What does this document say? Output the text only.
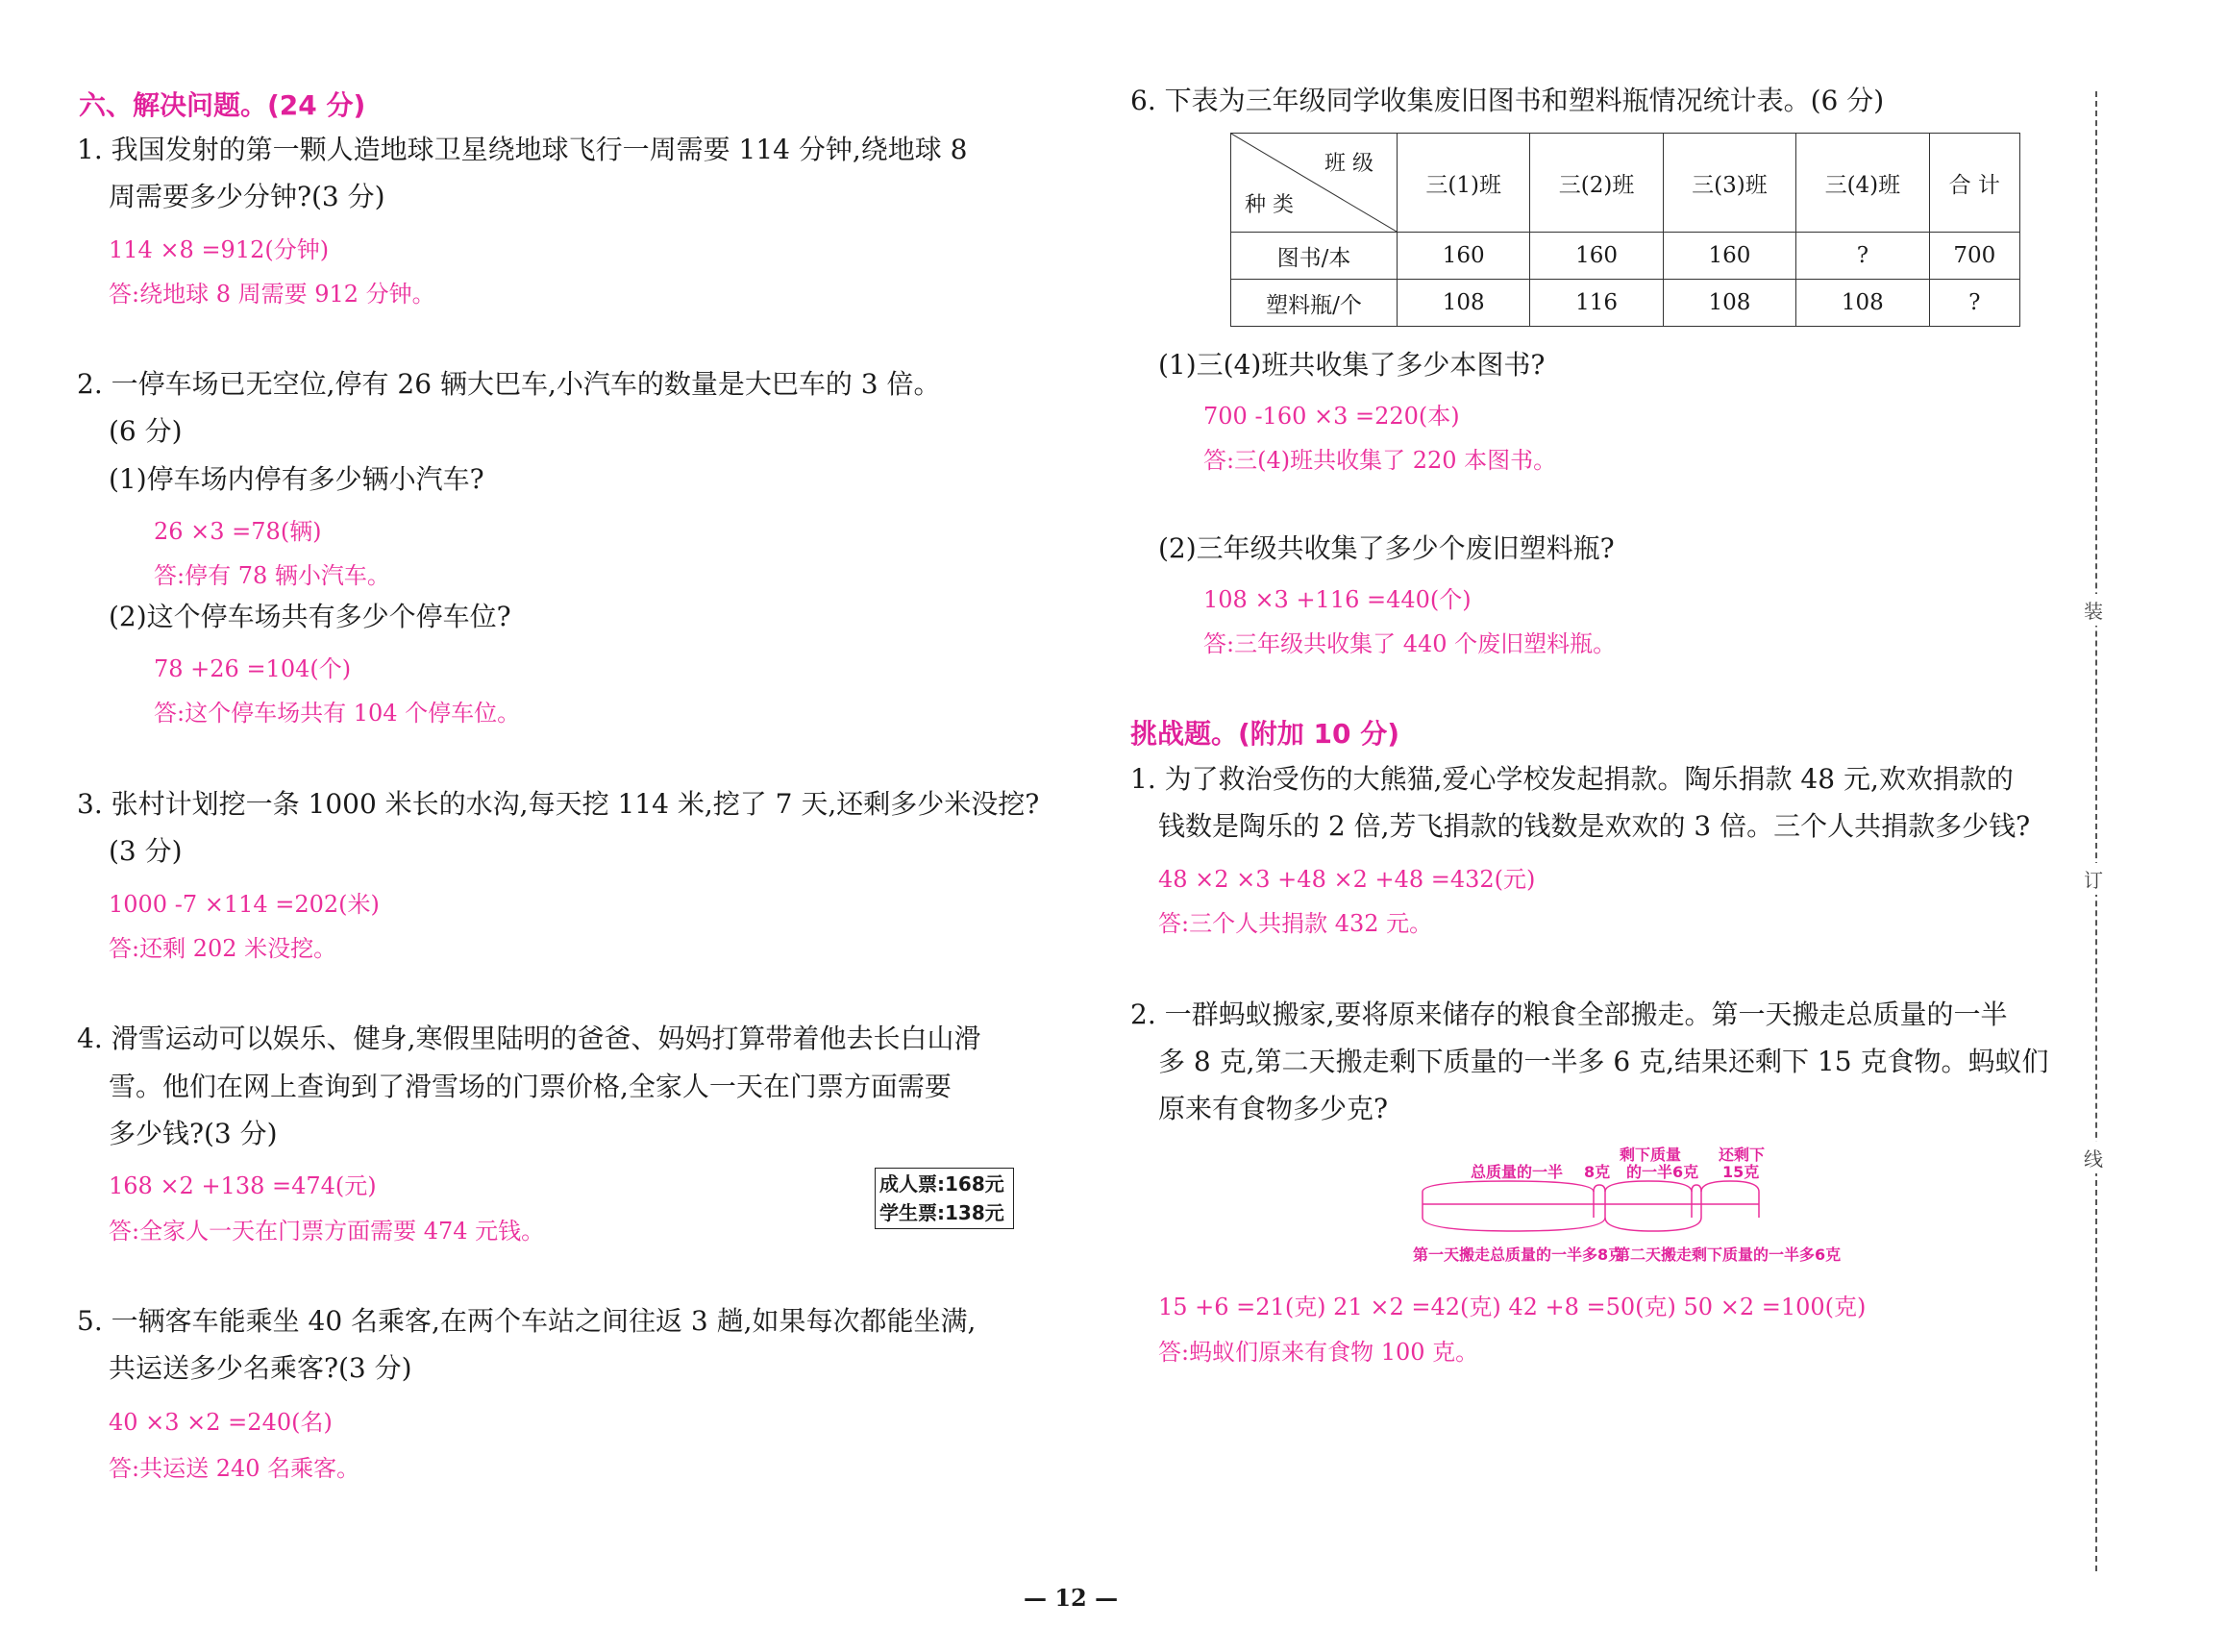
六、解决问题。(24 分)
1. 我国发射的第一颗人造地球卫星绕地球飞行一周需要 114 分钟,绕地球 8
周需要多少分钟?(3 分)
114 ×8 =912(分钟)
答:绕地球 8 周需要 912 分钟。
2. 一停车场已无空位,停有 26 辆大巴车,小汽车的数量是大巴车的 3 倍。
(6 分)
(1)停车场内停有多少辆小汽车?
26 ×3 =78(辆)
答:停有 78 辆小汽车。
(2)这个停车场共有多少个停车位?
78 +26 =104(个)
答:这个停车场共有 104 个停车位。
3. 张村计划挖一条 1000 米长的水沟,每天挖 114 米,挖了 7 天,还剩多少米没挖?
(3 分)
1000 -7 ×114 =202(米)
答:还剩 202 米没挖。
4. 滑雪运动可以娱乐、健身,寒假里陆明的爸爸、妈妈打算带着他去长白山滑
雪。他们在网上查询到了滑雪场的门票价格,全家人一天在门票方面需要
多少钱?(3 分)
168 ×2 +138 =474(元)
答:全家人一天在门票方面需要 474 元钱。
成人票:168元
学生票:138元
5. 一辆客车能乘坐 40 名乘客,在两个车站之间往返 3 趟,如果每次都能坐满,
共运送多少名乘客?(3 分)
40 ×3 ×2 =240(名)
答:共运送 240 名乘客。
6. 下表为三年级同学收集废旧图书和塑料瓶情况统计表。(6 分)
班 级
种 类	三(1)班	三(2)班	三(3)班	三(4)班	合 计
图书/本	160	160	160	?	700
塑料瓶/个	108	116	108	108	?
(1)三(4)班共收集了多少本图书?
700 -160 ×3 =220(本)
答:三(4)班共收集了 220 本图书。
(2)三年级共收集了多少个废旧塑料瓶?
108 ×3 +116 =440(个)
答:三年级共收集了 440 个废旧塑料瓶。
挑战题。(附加 10 分)
1. 为了救治受伤的大熊猫,爱心学校发起捐款。陶乐捐款 48 元,欢欢捐款的
钱数是陶乐的 2 倍,芳飞捐款的钱数是欢欢的 3 倍。三个人共捐款多少钱?
48 ×2 ×3 +48 ×2 +48 =432(元)
答:三个人共捐款 432 元。
2. 一群蚂蚁搬家,要将原来储存的粮食全部搬走。第一天搬走总质量的一半
多 8 克,第二天搬走剩下质量的一半多 6 克,结果还剩下 15 克食物。蚂蚁们
原来有食物多少克?
总质量的一半 8克
剩下质量
的一半 6克
还剩下
15克
第一天搬走总质量的一半多8克
第二天搬走剩下质量的一半多6克
15 +6 =21(克) 21 ×2 =42(克) 42 +8 =50(克) 50 ×2 =100(克)
答:蚂蚁们原来有食物 100 克。
装
订
线
— 12 —
